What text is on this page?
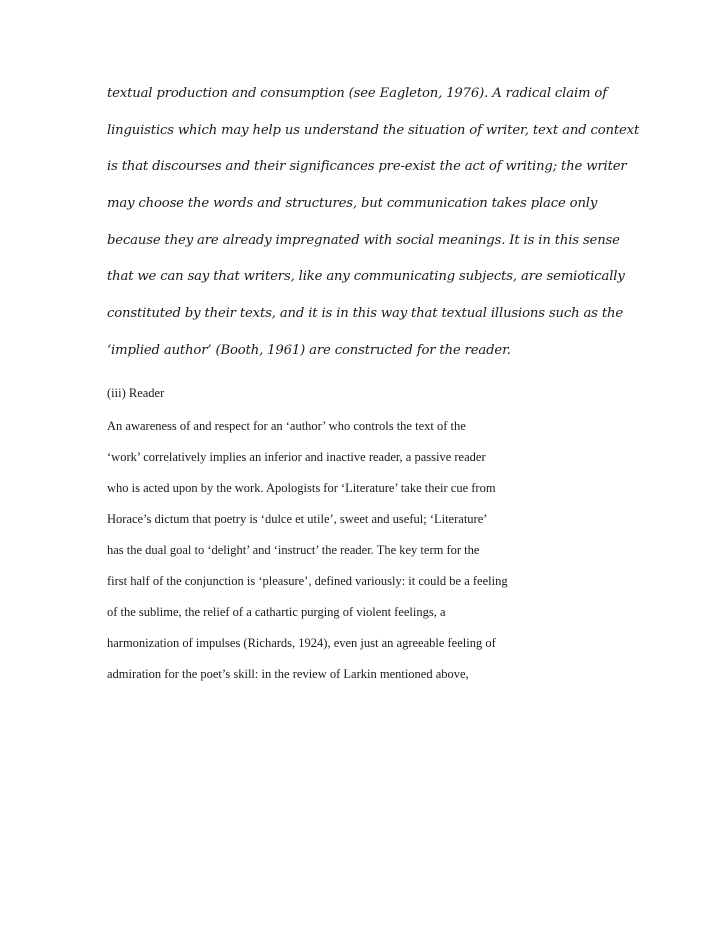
textual production and consumption (see Eagleton, 1976). A radical claim of
linguistics which may help us understand the situation of writer, text and context
is that discourses and their significances pre-exist the act of writing; the writer
may choose the words and structures, but communication takes place only
because they are already impregnated with social meanings. It is in this sense
that we can say that writers, like any communicating subjects, are semiotically
constituted by their texts, and it is in this way that textual illusions such as the
‘implied author’ (Booth, 1961) are constructed for the reader.
(iii) Reader
An awareness of and respect for an ‘author’ who controls the text of the
‘work’ correlatively implies an inferior and inactive reader, a passive reader
who is acted upon by the work. Apologists for ‘Literature’ take their cue from
Horace’s dictum that poetry is ‘dulce et utile’, sweet and useful; ‘Literature’
has the dual goal to ‘delight’ and ‘instruct’ the reader. The key term for the
first half of the conjunction is ‘pleasure’, defined variously: it could be a feeling
of the sublime, the relief of a cathartic purging of violent feelings, a
harmonization of impulses (Richards, 1924), even just an agreeable feeling of
admiration for the poet’s skill: in the review of Larkin mentioned above,
